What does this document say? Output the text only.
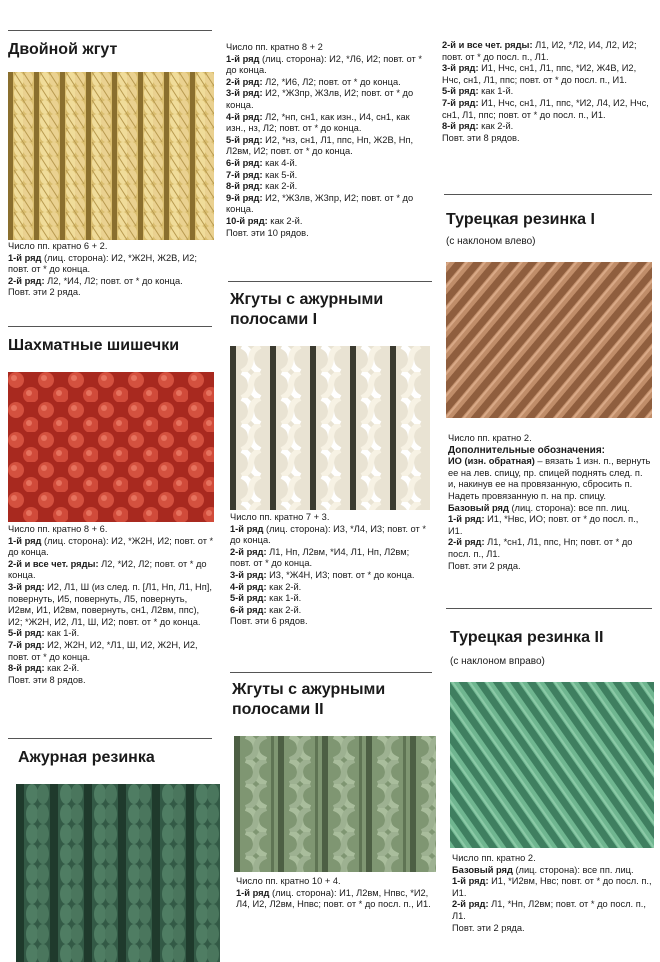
Двойной жгут

Число пп. кратно 6 + 2.

1-й ряд (лиц. сторона): И2, *Ж2Н, Ж2В, И2; повт. от * до конца.

2-й ряд: Л2, *И4, Л2; повт. от * до конца.

Повт. эти 2 ряда.

Шахматные шишечки

Число пп. кратно 8 + 6.

1-й ряд (лиц. сторона): И2, *Ж2Н, И2; повт. от * до конца.

2-й и все чет. ряды: Л2, *И2, Л2; повт. от * до конца.

3-й ряд: И2, Л1, Ш (из след. п. [Л1, Нп, Л1, Нп], повернуть, И5, повернуть, Л5, повернуть, И2вм, И1, И2вм, повернуть, сн1, Л2вм, ппс), И2; *Ж2Н, И2, Л1, Ш, И2; повт. от * до конца.

5-й ряд: как 1-й.

7-й ряд: И2, Ж2Н, И2, *Л1, Ш, И2, Ж2Н, И2, повт. от * до конца.

8-й ряд: как 2-й.

Повт. эти 8 рядов.

Ажурная резинка

Число пп. кратно 8 + 2

1-й ряд (лиц. сторона): И2, *Л6, И2; повт. от * до конца.

2-й ряд: Л2, *И6, Л2; повт. от * до конца.

3-й ряд: И2, *Ж3пр, Ж3лв, И2; повт. от * до конца.

4-й ряд: Л2, *нп, сн1, как изн., И4, сн1, как изн., нз, Л2; повт. от * до конца.

5-й ряд: И2, *нз, сн1, Л1, ппс, Нп, Ж2В, Нп, Л2вм, И2; повт. от * до конца.

6-й ряд: как 4-й.

7-й ряд: как 5-й.

8-й ряд: как 2-й.

9-й ряд: И2, *Ж3лв, Ж3пр, И2; повт. от * до конца.

10-й ряд: как 2-й.

Повт. эти 10 рядов.

Жгуты с ажурными полосами I

Число пп. кратно 7 + 3.

1-й ряд (лиц. сторона): И3, *Л4, И3; повт. от * до конца.

2-й ряд: Л1, Нп, Л2вм, *И4, Л1, Нп, Л2вм; повт. от * до конца.

3-й ряд: И3, *Ж4Н, И3; повт. от * до конца.

4-й ряд: как 2-й.

5-й ряд: как 1-й.

6-й ряд: как 2-й.

Повт. эти 6 рядов.

Жгуты с ажурными полосами II

Число пп. кратно 10 + 4.

1-й ряд (лиц. сторона): И1, Л2вм, Нпвс, *И2, Л4, И2, Л2вм, Нпвс; повт. от * до посл. п., И1.

2-й и все чет. ряды: Л1, И2, *Л2, И4, Л2, И2; повт. от * до посл. п., Л1.

3-й ряд: И1, Нчс, сн1, Л1, ппс, *И2, Ж4В, И2, Нчс, сн1, Л1, ппс; повт. от * до посл. п., И1.

5-й ряд: как 1-й.

7-й ряд: И1, Нчс, сн1, Л1, ппс, *И2, Л4, И2, Нчс, сн1, Л1, ппс; повт. от * до посл. п., И1.

8-й ряд: как 2-й.

Повт. эти 8 рядов.

Турецкая резинка I
(с наклоном влево)

Число пп. кратно 2.

Дополнительные обозначения:

ИО (изн. обратная) – вязать 1 изн. п., вернуть ее на лев. спицу, пр. спицей поднять след. п. и, накинув ее на провязанную, сбросить п. Надеть провязанную п. на пр. спицу.

Базовый ряд (лиц. сторона): все пп. лиц.

1-й ряд: И1, *Нвс, ИО; повт. от * до посл. п., И1.

2-й ряд: Л1, *сн1, Л1, ппс, Нп; повт. от * до посл. п., Л1.

Повт. эти 2 ряда.

Турецкая резинка II
(с наклоном вправо)

Число пп. кратно 2.

Базовый ряд (лиц. сторона): все пп. лиц.

1-й ряд: И1, *И2вм, Нвс; повт. от * до посл. п., И1.

2-й ряд: Л1, *Нп, Л2вм; повт. от * до посл. п., Л1.

Повт. эти 2 ряда.
